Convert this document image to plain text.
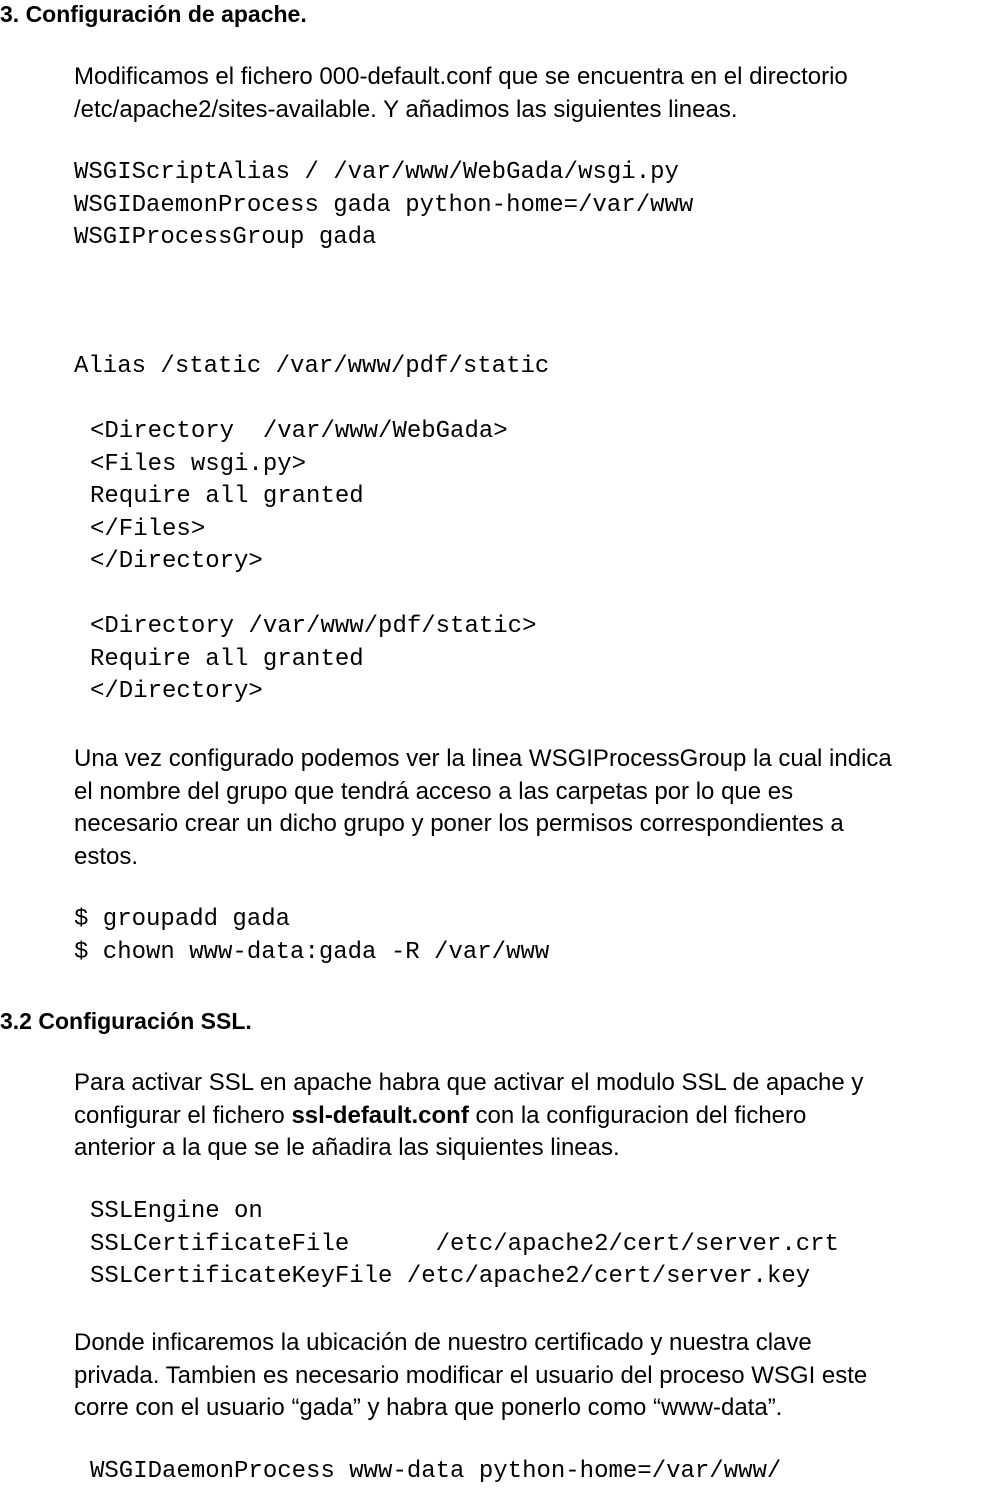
3. Configuración de apache.

Modificamos el fichero 000-default.conf que se encuentra en el directorio
/etc/apache2/sites-available. Y añadimos las siguientes lineas.

WSGIScriptAlias / /var/www/WebGada/wsgi.py
WSGIDaemonProcess gada python-home=/var/www
WSGIProcessGroup gada
Alias /static /var/www/pdf/static
<Directory  /var/www/WebGada>
<Files wsgi.py>
Require all granted
</Files>
</Directory>
<Directory /var/www/pdf/static>
Require all granted
</Directory>

Una vez configurado podemos ver la linea WSGIProcessGroup la cual indica
el nombre del grupo que tendrá acceso a las carpetas por lo que es
necesario crear un dicho grupo y poner los permisos correspondientes a
estos.

$ groupadd gada
$ chown www-data:gada -R /var/www
3.2 Configuración SSL.

Para activar SSL en apache habra que activar el modulo SSL de apache y
configurar el fichero ssl-default.conf con la configuracion del fichero
anterior a la que se le añadira las siquientes lineas.

SSLEngine on
SSLCertificateFile      /etc/apache2/cert/server.crt
SSLCertificateKeyFile /etc/apache2/cert/server.key

Donde inficaremos la ubicación de nuestro certificado y nuestra clave
privada. Tambien es necesario modificar el usuario del proceso WSGI este
corre con el usuario “gada” y habra que ponerlo como “www-data”.

WSGIDaemonProcess www-data python-home=/var/www/
